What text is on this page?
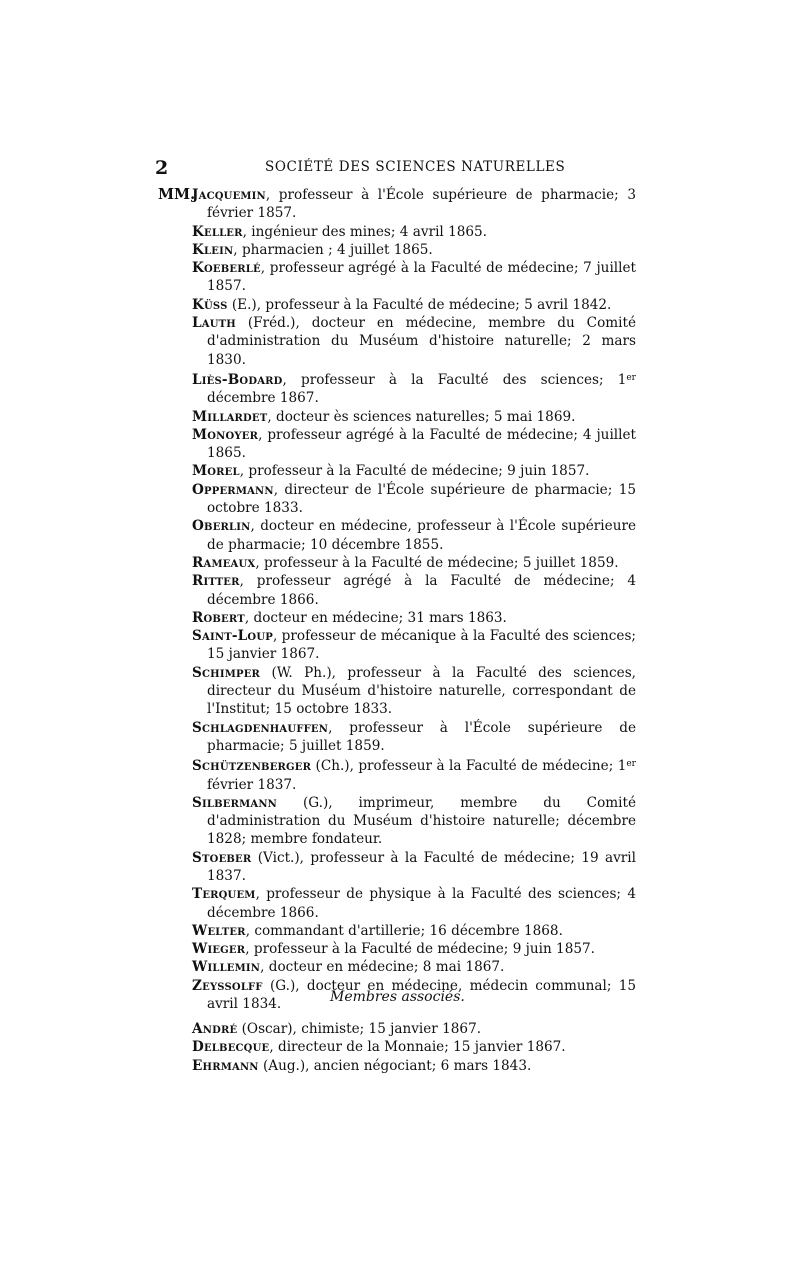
2	SOCIÉTÉ DES SCIENCES NATURELLES
MM.

Jacquemin, professeur à l'École supérieure de pharmacie; 3 février 1857.

Keller, ingénieur des mines; 4 avril 1865.

Klein, pharmacien ; 4 juillet 1865.

Koeberlé, professeur agrégé à la Faculté de médecine; 7 juillet 1857.

Küss (E.), professeur à la Faculté de médecine; 5 avril 1842.

Lauth (Fréd.), docteur en médecine, membre du Comité d'administration du Muséum d'histoire naturelle; 2 mars 1830.

Liès-Bodard, professeur à la Faculté des sciences; 1er décembre 1867.

Millardet, docteur ès sciences naturelles; 5 mai 1869.

Monoyer, professeur agrégé à la Faculté de médecine; 4 juillet 1865.

Morel, professeur à la Faculté de médecine; 9 juin 1857.

Oppermann, directeur de l'École supérieure de pharmacie; 15 octobre 1833.

Oberlin, docteur en médecine, professeur à l'École supérieure de pharmacie; 10 décembre 1855.

Rameaux, professeur à la Faculté de médecine; 5 juillet 1859.

Ritter, professeur agrégé à la Faculté de médecine; 4 décembre 1866.

Robert, docteur en médecine; 31 mars 1863.

Saint-Loup, professeur de mécanique à la Faculté des sciences; 15 janvier 1867.

Schimper (W. Ph.), professeur à la Faculté des sciences, directeur du Muséum d'histoire naturelle, correspondant de l'Institut; 15 octobre 1833.

Schlagdenhauffen, professeur à l'École supérieure de pharmacie; 5 juillet 1859.

Schützenberger (Ch.), professeur à la Faculté de médecine; 1er février 1837.

Silbermann (G.), imprimeur, membre du Comité d'administration du Muséum d'histoire naturelle; décembre 1828; membre fondateur.

Stoeber (Vict.), professeur à la Faculté de médecine; 19 avril 1837.

Terquem, professeur de physique à la Faculté des sciences; 4 décembre 1866.

Welter, commandant d'artillerie; 16 décembre 1868.

Wieger, professeur à la Faculté de médecine; 9 juin 1857.

Willemin, docteur en médecine; 8 mai 1867.

Zeyssolff (G.), docteur en médecine, médecin communal; 15 avril 1834.	Membres associés.

André (Oscar), chimiste; 15 janvier 1867.

Delbecque, directeur de la Monnaie; 15 janvier 1867.

Ehrmann (Aug.), ancien négociant; 6 mars 1843.
